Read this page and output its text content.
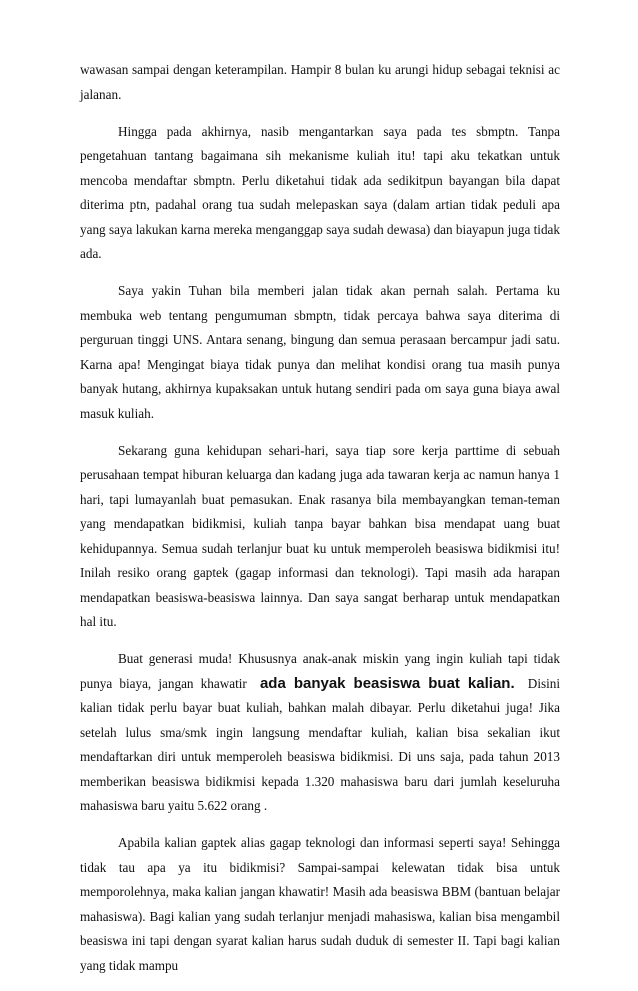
wawasan sampai dengan keterampilan. Hampir 8 bulan ku arungi hidup sebagai teknisi ac jalanan.

Hingga pada akhirnya, nasib mengantarkan saya pada tes sbmptn. Tanpa pengetahuan tantang bagaimana sih mekanisme kuliah itu! tapi aku tekatkan untuk mencoba mendaftar sbmptn. Perlu diketahui tidak ada sedikitpun bayangan bila dapat diterima ptn, padahal orang tua sudah melepaskan saya (dalam artian tidak peduli apa yang saya lakukan karna mereka menganggap saya sudah dewasa) dan biayapun juga tidak ada.

Saya yakin Tuhan bila memberi jalan tidak akan pernah salah. Pertama ku membuka web tentang pengumuman sbmptn, tidak percaya bahwa saya diterima di perguruan tinggi UNS. Antara senang, bingung dan semua perasaan bercampur jadi satu. Karna apa! Mengingat biaya tidak punya dan melihat kondisi orang tua masih punya banyak hutang, akhirnya kupaksakan untuk hutang sendiri pada om saya guna biaya awal masuk kuliah.

Sekarang guna kehidupan sehari-hari, saya tiap sore kerja parttime di sebuah perusahaan tempat hiburan keluarga dan kadang juga ada tawaran kerja ac namun hanya 1 hari, tapi lumayanlah buat pemasukan. Enak rasanya bila membayangkan teman-teman yang mendapatkan bidikmisi, kuliah tanpa bayar bahkan bisa mendapat uang buat kehidupannya. Semua sudah terlanjur buat ku untuk memperoleh beasiswa bidikmisi itu! Inilah resiko orang gaptek (gagap informasi dan teknologi). Tapi masih ada harapan mendapatkan beasiswa-beasiswa lainnya. Dan saya sangat berharap untuk mendapatkan hal itu.

Buat generasi muda! Khususnya anak-anak miskin yang ingin kuliah tapi tidak punya biaya, jangan khawatir ada banyak beasiswa buat kalian. Disini kalian tidak perlu bayar buat kuliah, bahkan malah dibayar. Perlu diketahui juga! Jika setelah lulus sma/smk ingin langsung mendaftar kuliah, kalian bisa sekalian ikut mendaftarkan diri untuk memperoleh beasiswa bidikmisi. Di uns saja, pada tahun 2013 memberikan beasiswa bidikmisi kepada 1.320 mahasiswa baru dari jumlah keseluruha mahasiswa baru yaitu 5.622 orang .

Apabila kalian gaptek alias gagap teknologi dan informasi seperti saya! Sehingga tidak tau apa ya itu bidikmisi? Sampai-sampai kelewatan tidak bisa untuk memporolehnya, maka kalian jangan khawatir! Masih ada beasiswa BBM (bantuan belajar mahasiswa). Bagi kalian yang sudah terlanjur menjadi mahasiswa, kalian bisa mengambil beasiswa ini tapi dengan syarat kalian harus sudah duduk di semester II. Tapi bagi kalian yang tidak mampu
